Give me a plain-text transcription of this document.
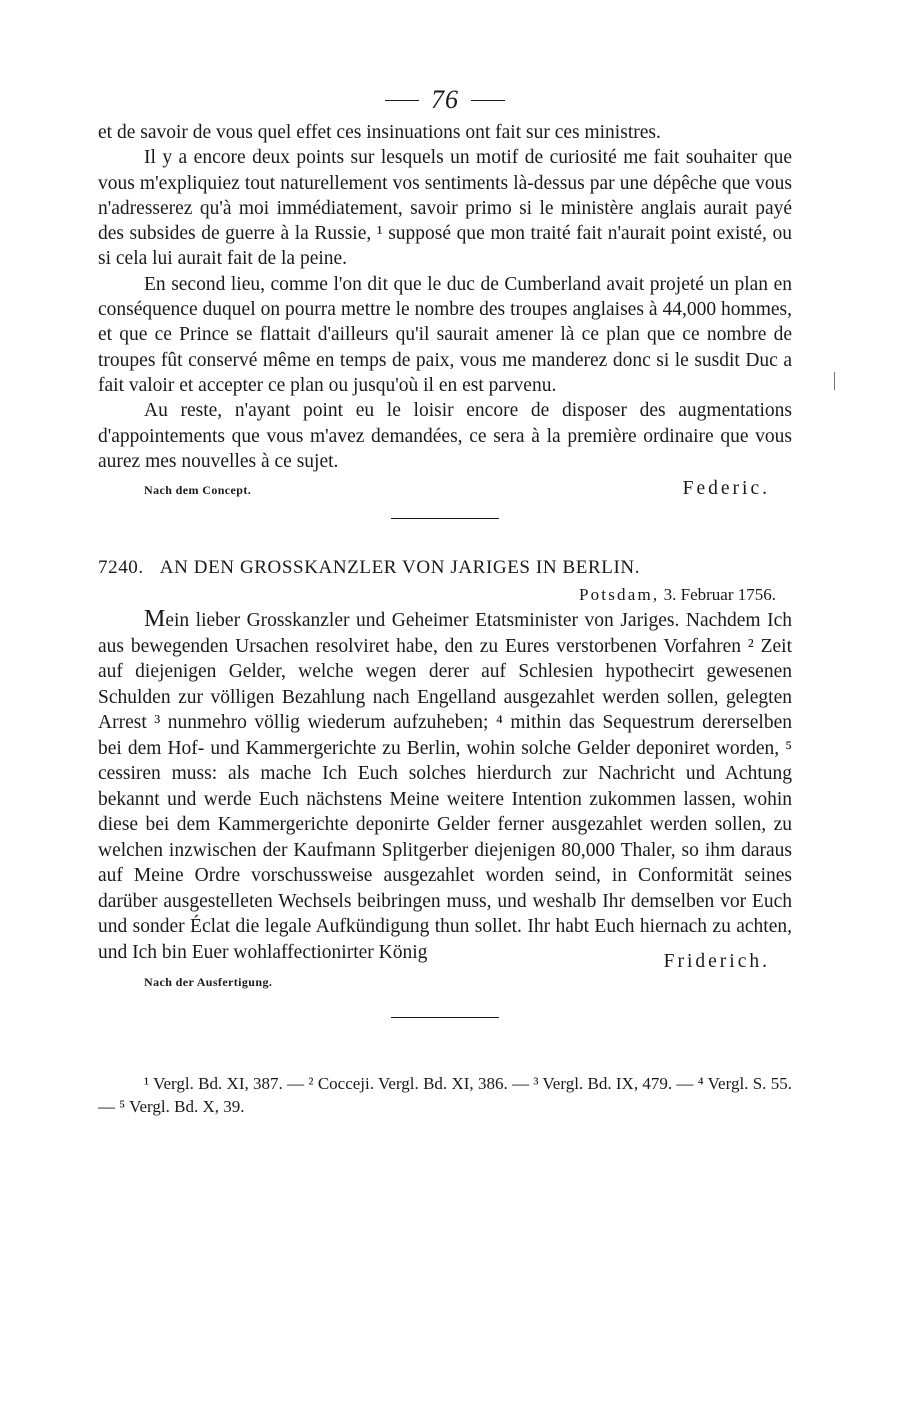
76

et de savoir de vous quel effet ces insinuations ont fait sur ces ministres.

Il y a encore deux points sur lesquels un motif de curiosité me fait souhaiter que vous m'expliquiez tout naturellement vos sentiments là-dessus par une dépêche que vous n'adresserez qu'à moi immédiatement, savoir primo si le ministère anglais aurait payé des subsides de guerre à la Russie, ¹ supposé que mon traité fait n'aurait point existé, ou si cela lui aurait fait de la peine.

En second lieu, comme l'on dit que le duc de Cumberland avait projeté un plan en conséquence duquel on pourra mettre le nombre des troupes anglaises à 44,000 hommes, et que ce Prince se flattait d'ailleurs qu'il saurait amener là ce plan que ce nombre de troupes fût conservé même en temps de paix, vous me manderez donc si le susdit Duc a fait valoir et accepter ce plan ou jusqu'où il en est parvenu.

Au reste, n'ayant point eu le loisir encore de disposer des augmentations d'appointements que vous m'avez demandées, ce sera à la première ordinaire que vous aurez mes nouvelles à ce sujet.

Nach dem Concept.	Federic.
7240. AN DEN GROSSKANZLER VON JARIGES IN BERLIN.
Potsdam, 3. Februar 1756.

Mein lieber Grosskanzler und Geheimer Etatsminister von Jariges. Nachdem Ich aus bewegenden Ursachen resolviret habe, den zu Eures verstorbenen Vorfahren ² Zeit auf diejenigen Gelder, welche wegen derer auf Schlesien hypothecirt gewesenen Schulden zur völligen Bezahlung nach Engelland ausgezahlet werden sollen, gelegten Arrest ³ nunmehro völlig wiederum aufzuheben; ⁴ mithin das Sequestrum dererselben bei dem Hof- und Kammergerichte zu Berlin, wohin solche Gelder deponiret worden, ⁵ cessiren muss: als mache Ich Euch solches hierdurch zur Nachricht und Achtung bekannt und werde Euch nächstens Meine weitere Intention zukommen lassen, wohin diese bei dem Kammergerichte deponirte Gelder ferner ausgezahlet werden sollen, zu welchen inzwischen der Kaufmann Splitgerber diejenigen 80,000 Thaler, so ihm daraus auf Meine Ordre vorschussweise ausgezahlet worden seind, in Conformität seines darüber ausgestelleten Wechsels beibringen muss, und weshalb Ihr demselben vor Euch und sonder Éclat die legale Aufkündigung thun sollet. Ihr habt Euch hiernach zu achten, und Ich bin Euer wohlaffectionirter König

Nach der Ausfertigung.
Friderich.

¹ Vergl. Bd. XI, 387. — ² Cocceji. Vergl. Bd. XI, 386. — ³ Vergl. Bd. IX, 479. — ⁴ Vergl. S. 55. — ⁵ Vergl. Bd. X, 39.
